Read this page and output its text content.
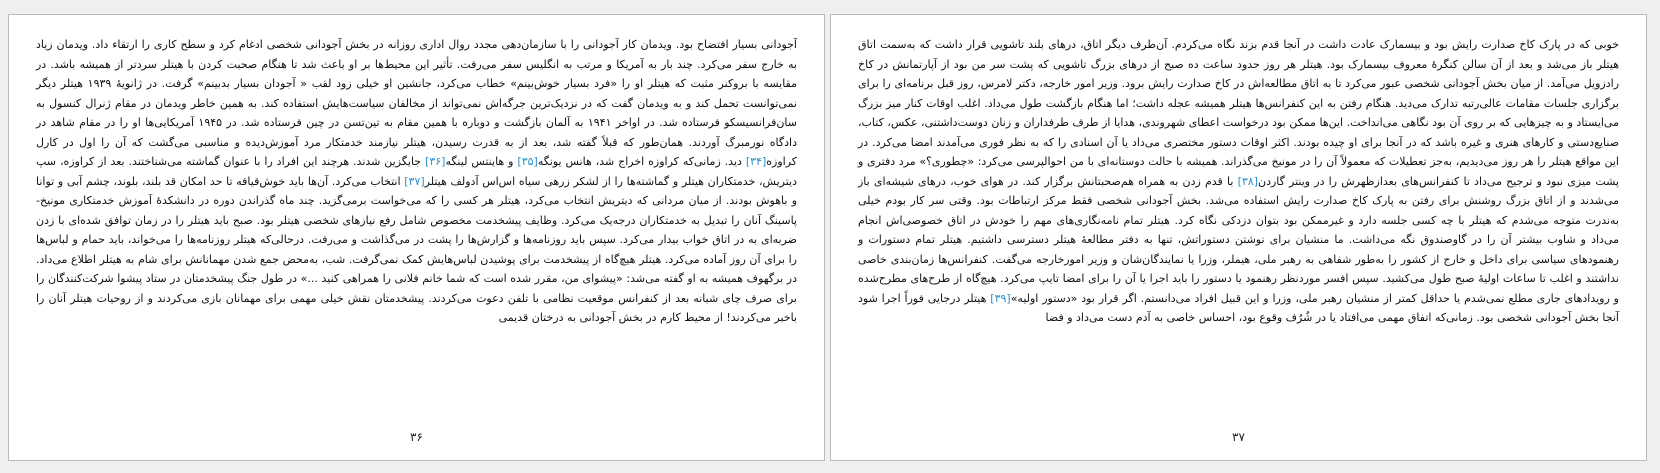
خوبی که در پارک کاخ صدارت رایش بود و بیسمارک عادت داشت در آنجا قدم بزند نگاه می‌کردم. آن‌طرف دیگر اتاق، درهای بلند تاشویی قرار داشت که به‌سمت اتاق هیتلر باز می‌شد و بعد از آن سالن کنگرهٔ معروف بیسمارک بود. هیتلر هر روز حدود ساعت ده صبح از درهای بزرگ تاشویی که پشت سر من بود از آپارتمانش در کاخ رادزویل می‌آمد. از میان بخش آجودانی شخصی عبور می‌کرد تا به اتاق مطالعه‌اش در کاخ صدارت رایش برود. وزیر امور خارجه، دکتر لامرس، روز قبل برنامه‌ای را برای برگزاری جلسات مقامات عالی‌رتبه تدارک می‌دید. هنگام رفتن به این کنفرانس‌ها هیتلر همیشه عجله داشت؛ اما هنگام بازگشت طول می‌داد. اغلب اوقات کنار میز بزرگ می‌ایستاد و به چیزهایی که بر روی آن بود نگاهی می‌انداخت. این‌ها ممکن بود درخواست اعطای شهروندی، هدایا از طرف طرفداران و زنان دوست‌داشتنی، عکس، کتاب، صنایع‌دستی و کارهای هنری و غیره باشد که در آنجا برای او چیده بودند. اکثر اوقات دستور مختصری می‌داد یا آن اسنادی را که به نظر فوری می‌آمدند امضا می‌کرد. در این مواقع هیتلر را هر روز می‌دیدیم، به‌جز تعطیلات که معمولاً آن را در مونیخ می‌گذراند. همیشه با حالت دوستانه‌ای با من احوالپرسی می‌کرد: «چطوری؟» مرد دفتری و پشت میزی نبود و ترجیح می‌داد تا کنفرانس‌های بعدازظهرش را در وینتر گاردن[۳۸] با قدم زدن به همراه هم‌صحبتانش برگزار کند. در هوای خوب، درهای شیشه‌ای باز می‌شدند و از اتاق بزرگ روشنش برای رفتن به پارک کاخ صدارت رایش استفاده می‌شد. بخش آجودانی شخصی فقط مرکز ارتباطات بود. وقتی سر کار بودم خیلی به‌ندرت متوجه می‌شدم که هیتلر با چه کسی جلسه دارد و غیرممکن بود بتوان دزدکی نگاه کرد. هیتلر تمام نامه‌نگاری‌های مهم را خودش در اتاق خصوصی‌اش انجام می‌داد و شاوب بیشتر آن را در گاوصندوق نگه می‌داشت. ما منشیان برای نوشتن دستوراتش، تنها به دفتر مطالعهٔ هیتلر دسترسی داشتیم. هیتلر تمام دستورات و رهنمودهای سیاسی برای داخل و خارج از کشور را به‌طور شفاهی به رهبر ملی، هیملر، وزرا یا نمایندگان‌شان و وزیر امورخارجه می‌گفت. کنفرانس‌ها زمان‌بندی خاصی نداشتند و اغلب تا ساعات اولیهٔ صبح طول می‌کشید. سپس افسر موردنظر رهنمود یا دستور را باید اجرا یا آن را برای امضا تایپ می‌کرد. هیچ‌گاه از طرح‌های مطرح‌شده و رویدادهای جاری مطلع نمی‌شدم یا حداقل کمتر از منشیان رهبر ملی، وزرا و این قبیل افراد می‌دانستم. اگر قرار بود «دستور اولیه»[۳۹] هیتلر درجایی فوراً اجرا شود آنجا بخش آجودانی شخصی بود. زمانی‌که اتفاق مهمی می‌افتاد یا در شُرُف وقوع بود، احساس خاصی به آدم دست می‌داد و فضا
۳۷
آجودانی بسیار افتضاح بود. ویدمان کار آجودانی را با سازمان‌دهی مجدد روال اداری روزانه در بخش آجودانی شخصی ادغام کرد و سطح کاری را ارتقاء داد. ویدمان زیاد به خارج سفر می‌کرد. چند بار به آمریکا و مرتب به انگلیس سفر می‌رفت. تأثیر این محیط‌ها بر او باعث شد تا هنگام صحبت کردن با هیتلر سردتر از همیشه باشد. در مقایسه با بروکنر مثبت که هیتلر او را «فرد بسیار خوش‌بینم» خطاب می‌کرد، جانشین او خیلی زود لقب « آجودان بسیار بدبینم» گرفت. در ژانویهٔ ۱۹۳۹ هیتلر دیگر نمی‌توانست تحمل کند و به ویدمان گفت که در نزدیک‌ترین جرگه‌اش نمی‌تواند از مخالفان سیاست‌هایش استفاده کند. به همین خاطر ویدمان در مقام ژنرال کنسول به سان‌فرانسیسکو فرستاده شد. در اواخر ۱۹۴۱ به آلمان بازگشت و دوباره با همین مقام به تین‌تسن در چین فرستاده شد. در ۱۹۴۵ آمریکایی‌ها او را در مقام شاهد در دادگاه نورمبرگ آوردند. همان‌طور که قبلاً گفته شد، بعد از به قدرت رسیدن، هیتلر نیازمند خدمتکار مرد آموزش‌دیده و مناسبی می‌گشت که آن را اول در کارل کراوزه[۳۴] دید. زمانی‌که کراوزه اخراج شد، هانس یونگه[۳۵] و هاینتس لینگه[۳۶] جایگزین شدند. هرچند این افراد را با عنوان گماشته می‌شناختند. بعد از کراوزه، سپ دیتریش، خدمتکاران هیتلر و گماشته‌ها را از لشکر زرهی سیاه اس‌اس آدولف هیتلر[۳۷] انتخاب می‌کرد. آن‌ها باید خوش‌قیافه تا حد امکان قد بلند، بلوند، چشم آبی و توانا و باهوش بودند. از میان مردانی که دیتریش انتخاب می‌کرد، هیتلر هر کسی را که می‌خواست برمی‌گزید. چند ماه گذراندن دوره در دانشکدهٔ آموزش خدمتکاری مونیخ-پاسینگ آنان را تبدیل به خدمتکاران درجه‌یک می‌کرد. وظایف پیشخدمت مخصوص شامل رفع نیازهای شخصی هیتلر بود. صبح باید هیتلر را در زمان توافق شده‌ای با زدن ضربه‌ای به در اتاق خواب بیدار می‌کرد. سپس باید روزنامه‌ها و گزارش‌ها را پشت در می‌گذاشت و می‌رفت. درحالی‌که هیتلر روزنامه‌ها را می‌خواند، باید حمام و لباس‌ها را برای آن روز آماده می‌کرد. هیتلر هیچ‌گاه از پیشخدمت برای پوشیدن لباس‌هایش کمک نمی‌گرفت. شب، به‌محض جمع شدن مهمانانش برای شام به هیتلر اطلاع می‌داد. در برگهوف همیشه به او گفته می‌شد: «پیشوای من، مقرر شده است که شما خانم فلانی را همراهی کنید ...» در طول جنگ پیشخدمتان در ستاد پیشوا شرکت‌کنندگان را برای صرف چای شبانه بعد از کنفرانس موقعیت نظامی با تلفن دعوت می‌کردند. پیشخدمتان نقش خیلی مهمی برای مهمانان بازی می‌کردند و از روحیات هیتلر آنان را باخبر می‌کردند! از محیط کارم در بخش آجودانی به درختان قدیمی
۳۶
